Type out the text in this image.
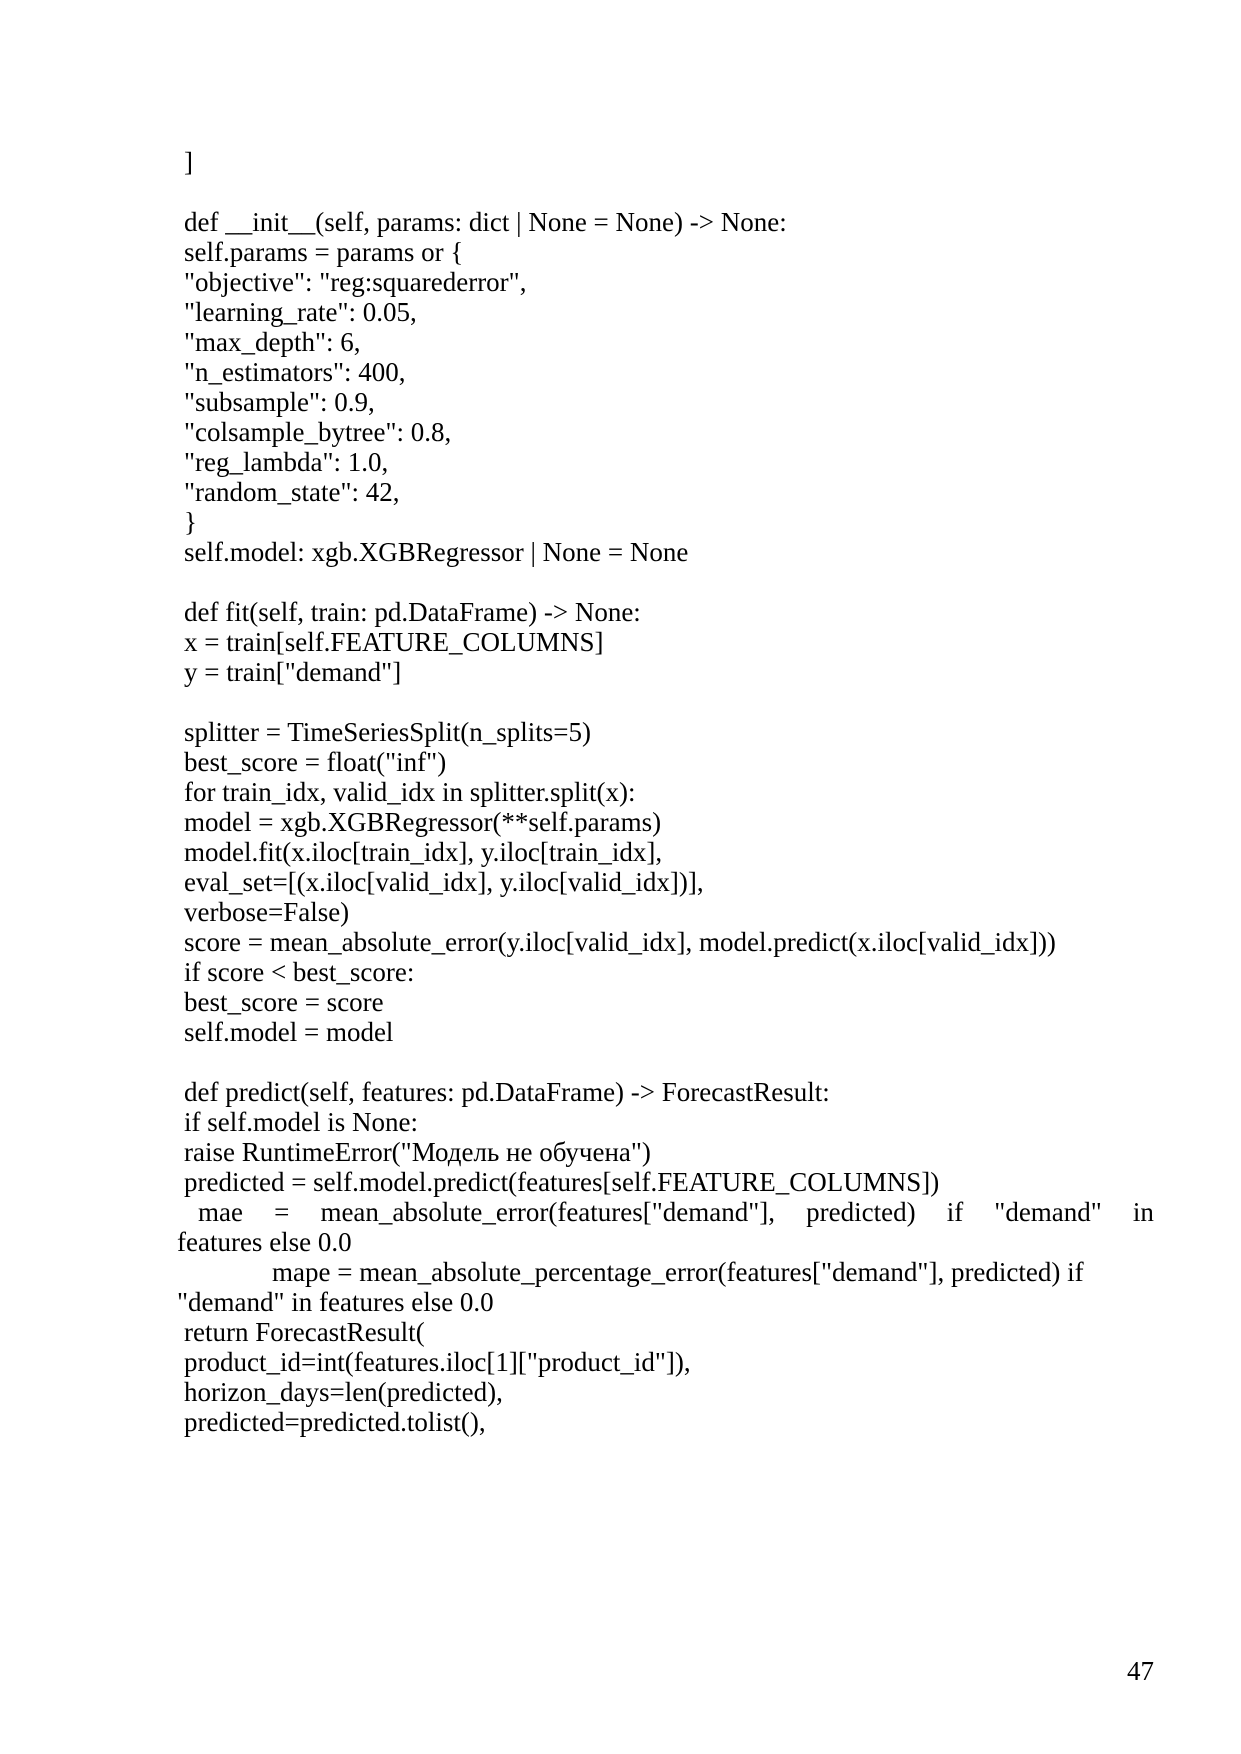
]
def __init__(self, params: dict | None = None) -> None:
self.params = params or {
"objective": "reg:squarederror",
"learning_rate": 0.05,
"max_depth": 6,
"n_estimators": 400,
"subsample": 0.9,
"colsample_bytree": 0.8,
"reg_lambda": 1.0,
"random_state": 42,
}
self.model: xgb.XGBRegressor | None = None
def fit(self, train: pd.DataFrame) -> None:
x = train[self.FEATURE_COLUMNS]
y = train["demand"]
splitter = TimeSeriesSplit(n_splits=5)
best_score = float("inf")
for train_idx, valid_idx in splitter.split(x):
model = xgb.XGBRegressor(**self.params)
model.fit(x.iloc[train_idx], y.iloc[train_idx],
eval_set=[(x.iloc[valid_idx], y.iloc[valid_idx])],
verbose=False)
score = mean_absolute_error(y.iloc[valid_idx], model.predict(x.iloc[valid_idx]))
if score < best_score:
best_score = score
self.model = model
def predict(self, features: pd.DataFrame) -> ForecastResult:
if self.model is None:
raise RuntimeError("Модель не обучена")
predicted = self.model.predict(features[self.FEATURE_COLUMNS])
mae = mean_absolute_error(features["demand"], predicted) if "demand" in
features else 0.0
mape = mean_absolute_percentage_error(features["demand"], predicted) if
"demand" in features else 0.0
return ForecastResult(
product_id=int(features.iloc[1]["product_id"]),
horizon_days=len(predicted),
predicted=predicted.tolist(),
47
